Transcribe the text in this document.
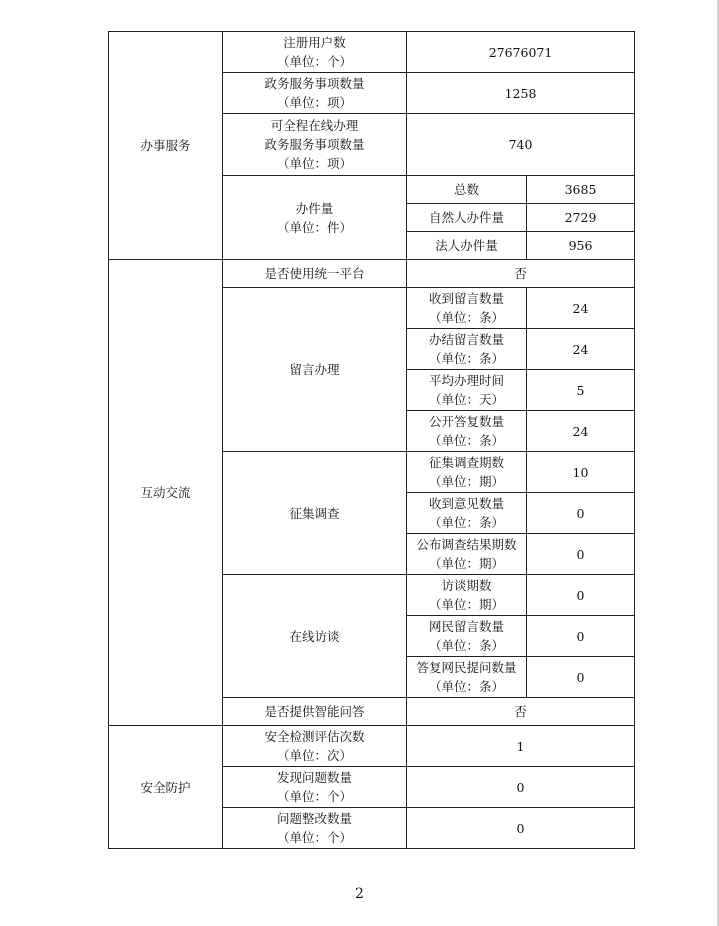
办事服务	注册用户数
（单位：个）	27676071	

	政务服务事项数量
（单位：项）	1258	

	可全程在线办理
政务服务事项数量
（单位：项）	740	

	办件量
（单位：件）	总数	3685
		自然人办件量	2729
		法人办件量	956
互动交流	是否使用统一平台	否	
	留言办理	收到留言数量
（单位：条）	24

		办结留言数量
（单位：条）	24

		平均办理时间
（单位：天）	5

		公开答复数量
（单位：条）	24
	征集调查	征集调查期数
（单位：期）	10

		收到意见数量
（单位：条）	0

		公布调查结果期数
（单位：期）	0
	在线访谈	访谈期数
（单位：期）	0

		网民留言数量
（单位：条）	0

		答复网民提问数量
（单位：条）	0
	是否提供智能问答	否	
安全防护	安全检测评估次数
（单位：次）	1	

	发现问题数量
（单位：个）	0	

	问题整改数量
（单位：个）	0	
2
